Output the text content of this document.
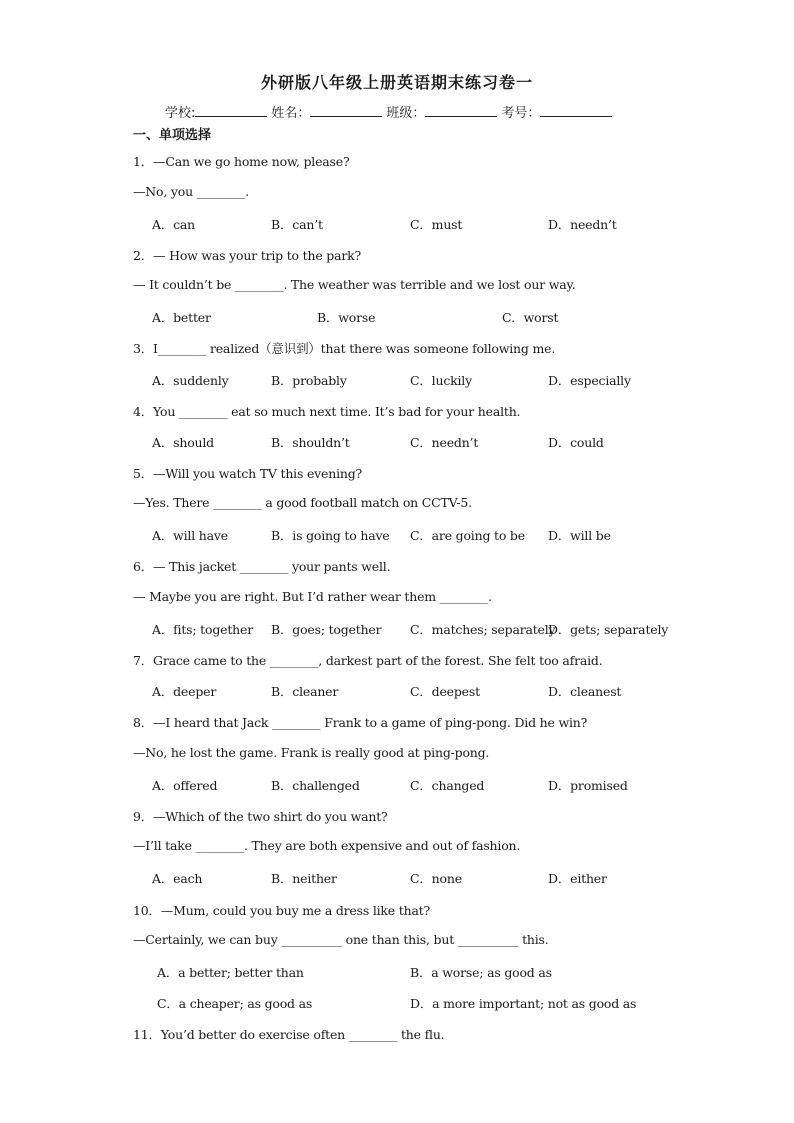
外研版八年级上册英语期末练习卷一
学校:	姓名：	班级：	考号：
一、单项选择
1．—Can we go home now, please?
—No, you ________.
A．can	B．can’t	C．must	D．needn’t
2．— How was your trip to the park?
— It couldn’t be ________. The weather was terrible and we lost our way.
A．better	B．worse	C．worst
3．I________ realized（意识到）that there was someone following me.
A．suddenly	B．probably	C．luckily	D．especially
4．You ________ eat so much next time. It’s bad for your health.
A．should	B．shouldn’t	C．needn’t	D．could
5．—Will you watch TV this evening?
—Yes. There ________ a good football match on CCTV-5.
A．will have	B．is going to have C．are going to be D．will be
6．— This jacket ________ your pants well.
— Maybe you are right. But I’d rather wear them ________.
A．fits; together B．goes; together C．matches; separately
D．gets; separately
7．Grace came to the ________, darkest part of the forest. She felt too afraid.
A．deeper	B．cleaner	C．deepest	D．cleanest
8．—I heard that Jack ________ Frank to a game of ping-pong. Did he win?
—No, he lost the game. Frank is really good at ping-pong.
A．offered	B．challenged	C．changed	D．promised
9．—Which of the two shirt do you want?
—I’ll take ________. They are both expensive and out of fashion.
A．each	B．neither	C．none	D．either
10．—Mum, could you buy me a dress like that?
—Certainly, we can buy __________ one than this, but __________ this.
A．a better; better than	B．a worse; as good as
C．a cheaper; as good as	D．a more important; not as good as
11．You’d better do exercise often ________ the flu.
